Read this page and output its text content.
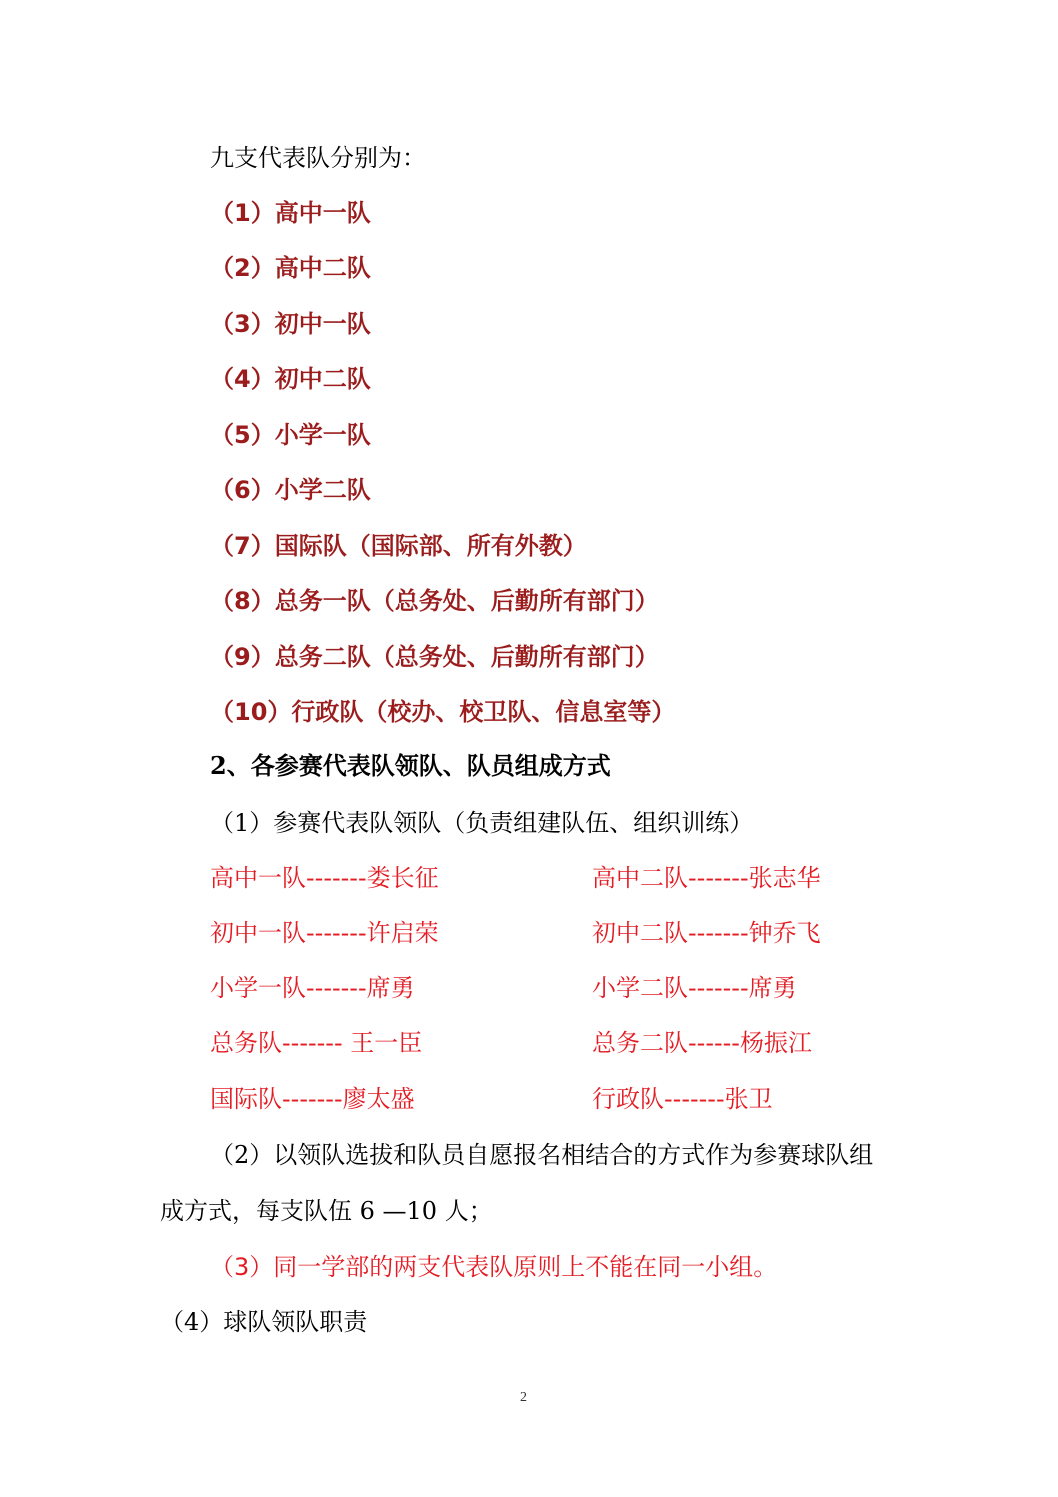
九支代表队分别为：
（1）高中一队
（2）高中二队
（3）初中一队
（4）初中二队
（5）小学一队
（6）小学二队
（7）国际队（国际部、所有外教）
（8）总务一队（总务处、后勤所有部门）
（9）总务二队（总务处、后勤所有部门）
（10）行政队（校办、校卫队、信息室等）
2、各参赛代表队领队、队员组成方式
（1）参赛代表队领队（负责组建队伍、组织训练）
高中一队-------娄长征	高中二队-------张志华
初中一队-------许启荣	初中二队-------钟乔飞
小学一队-------席勇	小学二队-------席勇
总务队------- 王一臣	总务二队------杨振江
国际队-------廖太盛	行政队-------张卫
（2）以领队选拔和队员自愿报名相结合的方式作为参赛球队组
成方式，每支队伍 6 —10 人；
（3）同一学部的两支代表队原则上不能在同一小组。
（4）球队领队职责
2
